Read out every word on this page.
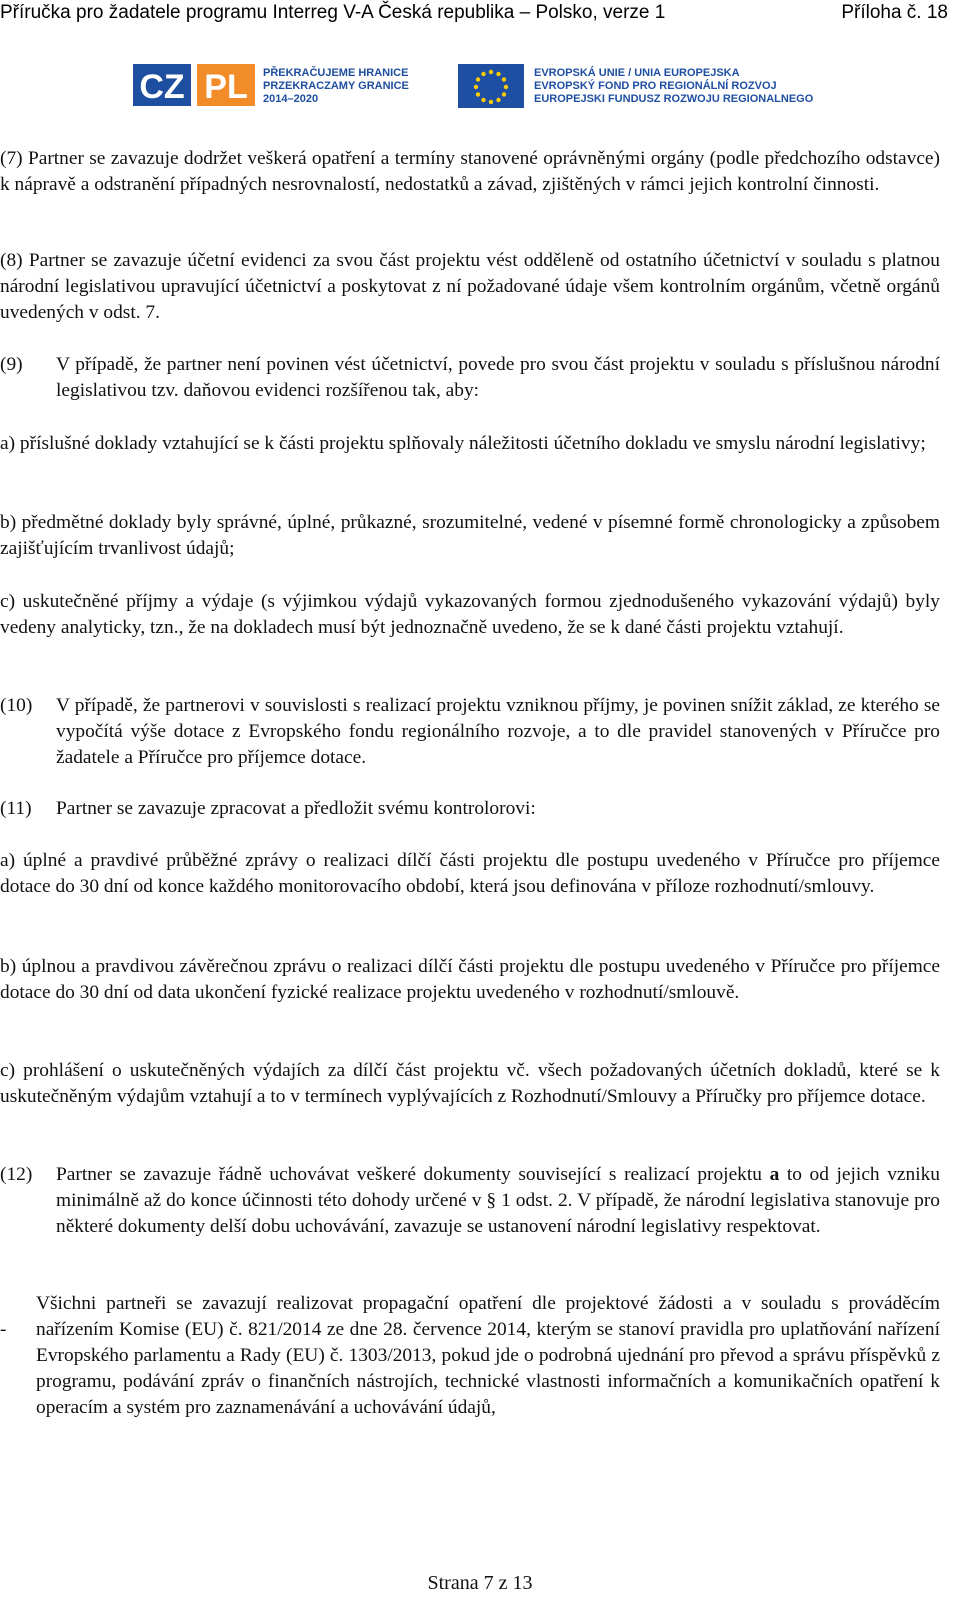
Příručka pro žadatele programu Interreg V-A Česká republika – Polsko, verze 1	Příloha č. 18
CZ PL PŘEKRAČUJEME HRANICE
PRZEKRACZAMY GRANICE
2014–2020
EVROPSKÁ UNIE / UNIA EUROPEJSKA
EVROPSKÝ FOND PRO REGIONÁLNÍ ROZVOJ
EUROPEJSKI FUNDUSZ ROZWOJU REGIONALNEGO

(7) Partner se zavazuje dodržet veškerá opatření a termíny stanovené oprávněnými orgány (podle předchozího odstavce) k nápravě a odstranění případných nesrovnalostí, nedostatků a závad, zjištěných v rámci jejich kontrolní činnosti.

(8) Partner se zavazuje účetní evidenci za svou část projektu vést odděleně od ostatního účetnictví v souladu s platnou národní legislativou upravující účetnictví a poskytovat z ní požadované údaje všem kontrolním orgánům, včetně orgánů uvedených v odst. 7.

(9)	V případě, že partner není povinen vést účetnictví, povede pro svou část projektu v souladu s příslušnou národní legislativou tzv. daňovou evidenci rozšířenou tak, aby:

a) příslušné doklady vztahující se k části projektu splňovaly náležitosti účetního dokladu ve smyslu národní legislativy;

b) předmětné doklady byly správné, úplné, průkazné, srozumitelné, vedené v písemné formě chronologicky a způsobem zajišťujícím trvanlivost údajů;

c) uskutečněné příjmy a výdaje (s výjimkou výdajů vykazovaných formou zjednodušeného vykazování výdajů) byly vedeny analyticky, tzn., že na dokladech musí být jednoznačně uvedeno, že se k dané části projektu vztahují.

(10)	V případě, že partnerovi v souvislosti s realizací projektu vzniknou příjmy, je povinen snížit základ, ze kterého se vypočítá výše dotace z Evropského fondu regionálního rozvoje, a to dle pravidel stanovených v Příručce pro žadatele a Příručce pro příjemce dotace.
(11)	Partner se zavazuje zpracovat a předložit svému kontrolorovi:

a) úplné a pravdivé průběžné zprávy o realizaci dílčí části projektu dle postupu uvedeného v Příručce pro příjemce dotace do 30 dní od konce každého monitorovacího období, která jsou definována v příloze rozhodnutí/smlouvy.

b) úplnou a pravdivou závěrečnou zprávu o realizaci dílčí části projektu dle postupu uvedeného v Příručce pro příjemce dotace do 30 dní od data ukončení fyzické realizace projektu uvedeného v rozhodnutí/smlouvě.

c) prohlášení o uskutečněných výdajích za dílčí část projektu vč. všech požadovaných účetních dokladů, které se k uskutečněným výdajům vztahují a to v termínech vyplývajících z Rozhodnutí/Smlouvy a Příručky pro příjemce dotace.

(12)	Partner se zavazuje řádně uchovávat veškeré dokumenty související s realizací projektu a to od jejich vzniku minimálně až do konce účinnosti této dohody určené v § 1 odst. 2. V případě, že národní legislativa stanovuje pro některé dokumenty delší dobu uchovávání, zavazuje se ustanovení národní legislativy respektovat.
-
Všichni partneři se zavazují realizovat propagační opatření dle projektové žádosti a v souladu s prováděcím nařízením Komise (EU) č. 821/2014 ze dne 28. července 2014, kterým se stanoví pravidla pro uplatňování nařízení Evropského parlamentu a Rady (EU) č. 1303/2013, pokud jde o podrobná ujednání pro převod a správu příspěvků z programu, podávání zpráv o finančních nástrojích, technické vlastnosti informačních a komunikačních opatření k operacím a systém pro zaznamenávání a uchovávání údajů,
Strana 7 z 13
